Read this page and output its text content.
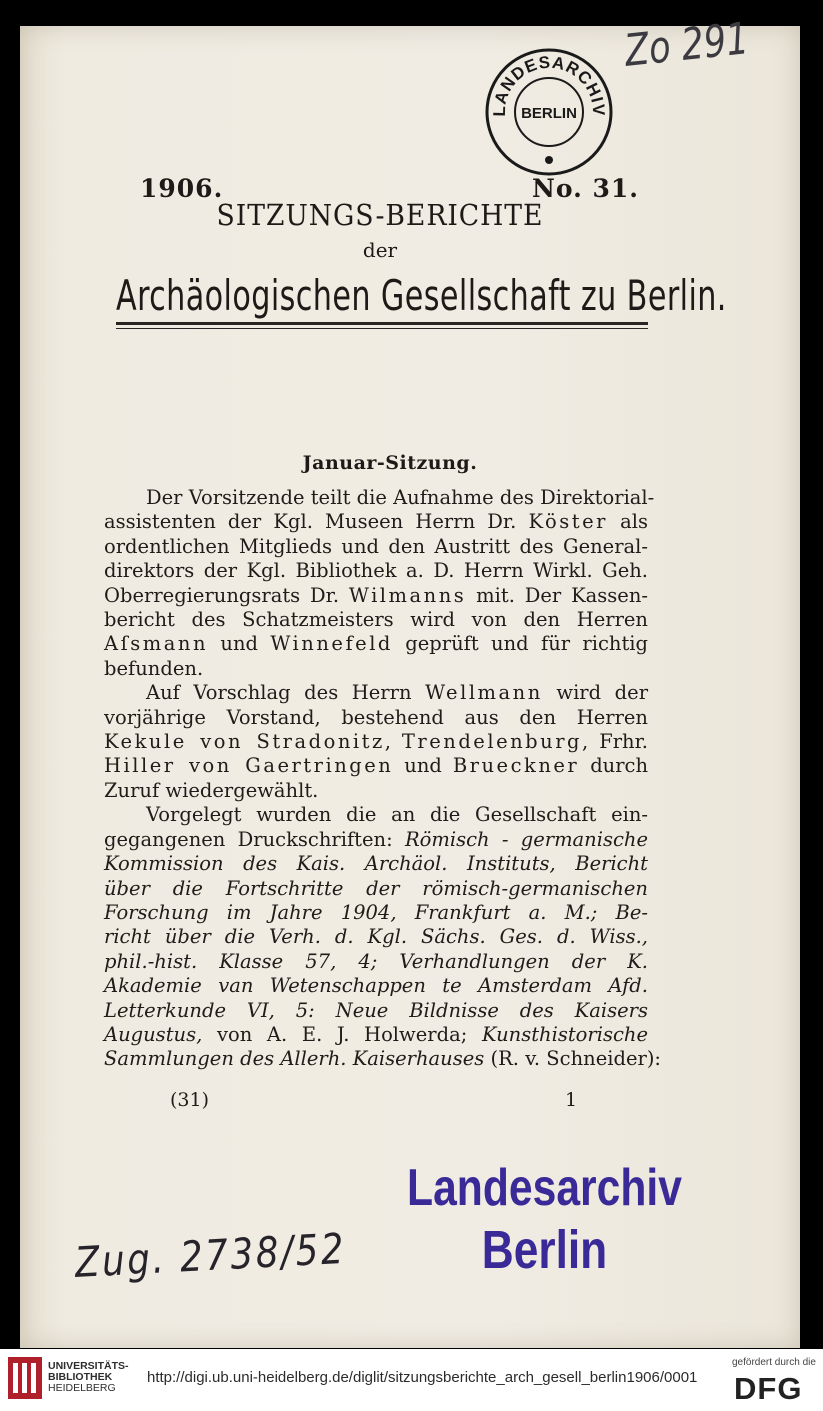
Zo 291
LANDESARCHIV
BERLIN
1906.	No. 31.
SITZUNGS-BERICHTE
der
Archäologischen Gesellschaft zu Berlin.
Januar-Sitzung.

Der Vorsitzende teilt die Aufnahme des Direktorial-
assistenten der Kgl. Museen Herrn Dr. Köster als
ordentlichen Mitglieds und den Austritt des General-
direktors der Kgl. Bibliothek a. D. Herrn Wirkl. Geh.
Oberregierungsrats Dr. Wilmanns mit. Der Kassen-
bericht des Schatzmeisters wird von den Herren
Aſsmann und Winnefeld geprüft und für richtig
befunden.

Auf Vorschlag des Herrn Wellmann wird der
vorjährige Vorstand, bestehend aus den Herren
Kekule von Stradonitz, Trendelenburg, Frhr.
Hiller von Gaertringen und Brueckner durch
Zuruf wiedergewählt.

Vorgelegt wurden die an die Gesellschaft ein-
gegangenen Druckschriften: Römisch - germanische
Kommission des Kais. Archäol. Instituts, Bericht
über die Fortschritte der römisch-germanischen
Forschung im Jahre 1904, Frankfurt a. M.; Be-
richt über die Verh. d. Kgl. Sächs. Ges. d. Wiss.,
phil.-hist. Klasse 57, 4; Verhandlungen der K.
Akademie van Wetenschappen te Amsterdam Afd.
Letterkunde VI, 5: Neue Bildnisse des Kaisers
Augustus, von A. E. J. Holwerda; Kunsthistorische
Sammlungen des Allerh. Kaiserhauses (R. v. Schneider):

(31)	1
Landesarchiv
Berlin
Zug. 2738/52
UNIVERSITÄTS-
BIBLIOTHEK
HEIDELBERG
http://digi.ub.uni-heidelberg.de/diglit/sitzungsberichte_arch_gesell_berlin1906/0001
gefördert durch die
DFG
